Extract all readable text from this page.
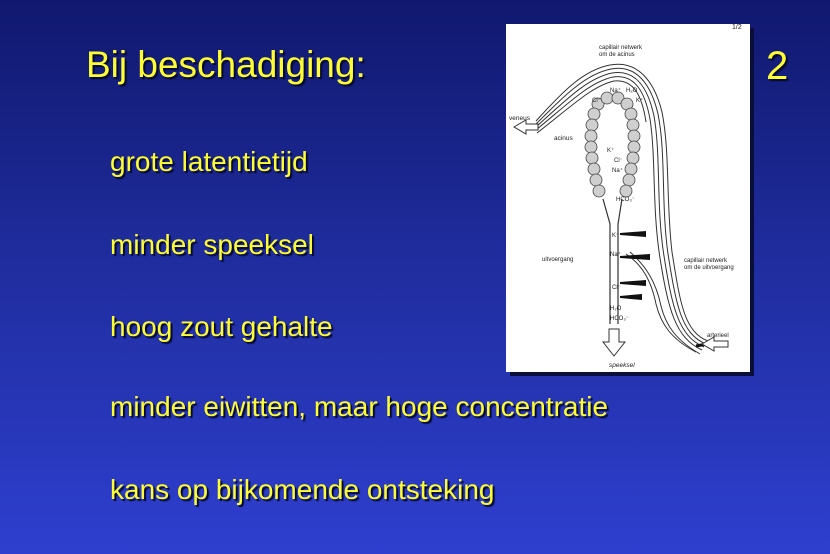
Bij beschadiging:	2
grote latentietijd
minder speeksel
hoog zout gehalte
minder eiwitten, maar hoge concentratie
kans op bijkomende ontsteking
1/2
capillair netwerk
om de acinus
veneus
acinus
uitvoergang	capillair netwerk
om de uitvoergang
arterieel
speeksel
Na⁺ H₂O
Cl⁻	K⁺
K⁺
Cl⁻
Na⁺
HCO₃⁻
K⁺
Na⁺
Cl⁻
H₂O
HCO₃⁻
